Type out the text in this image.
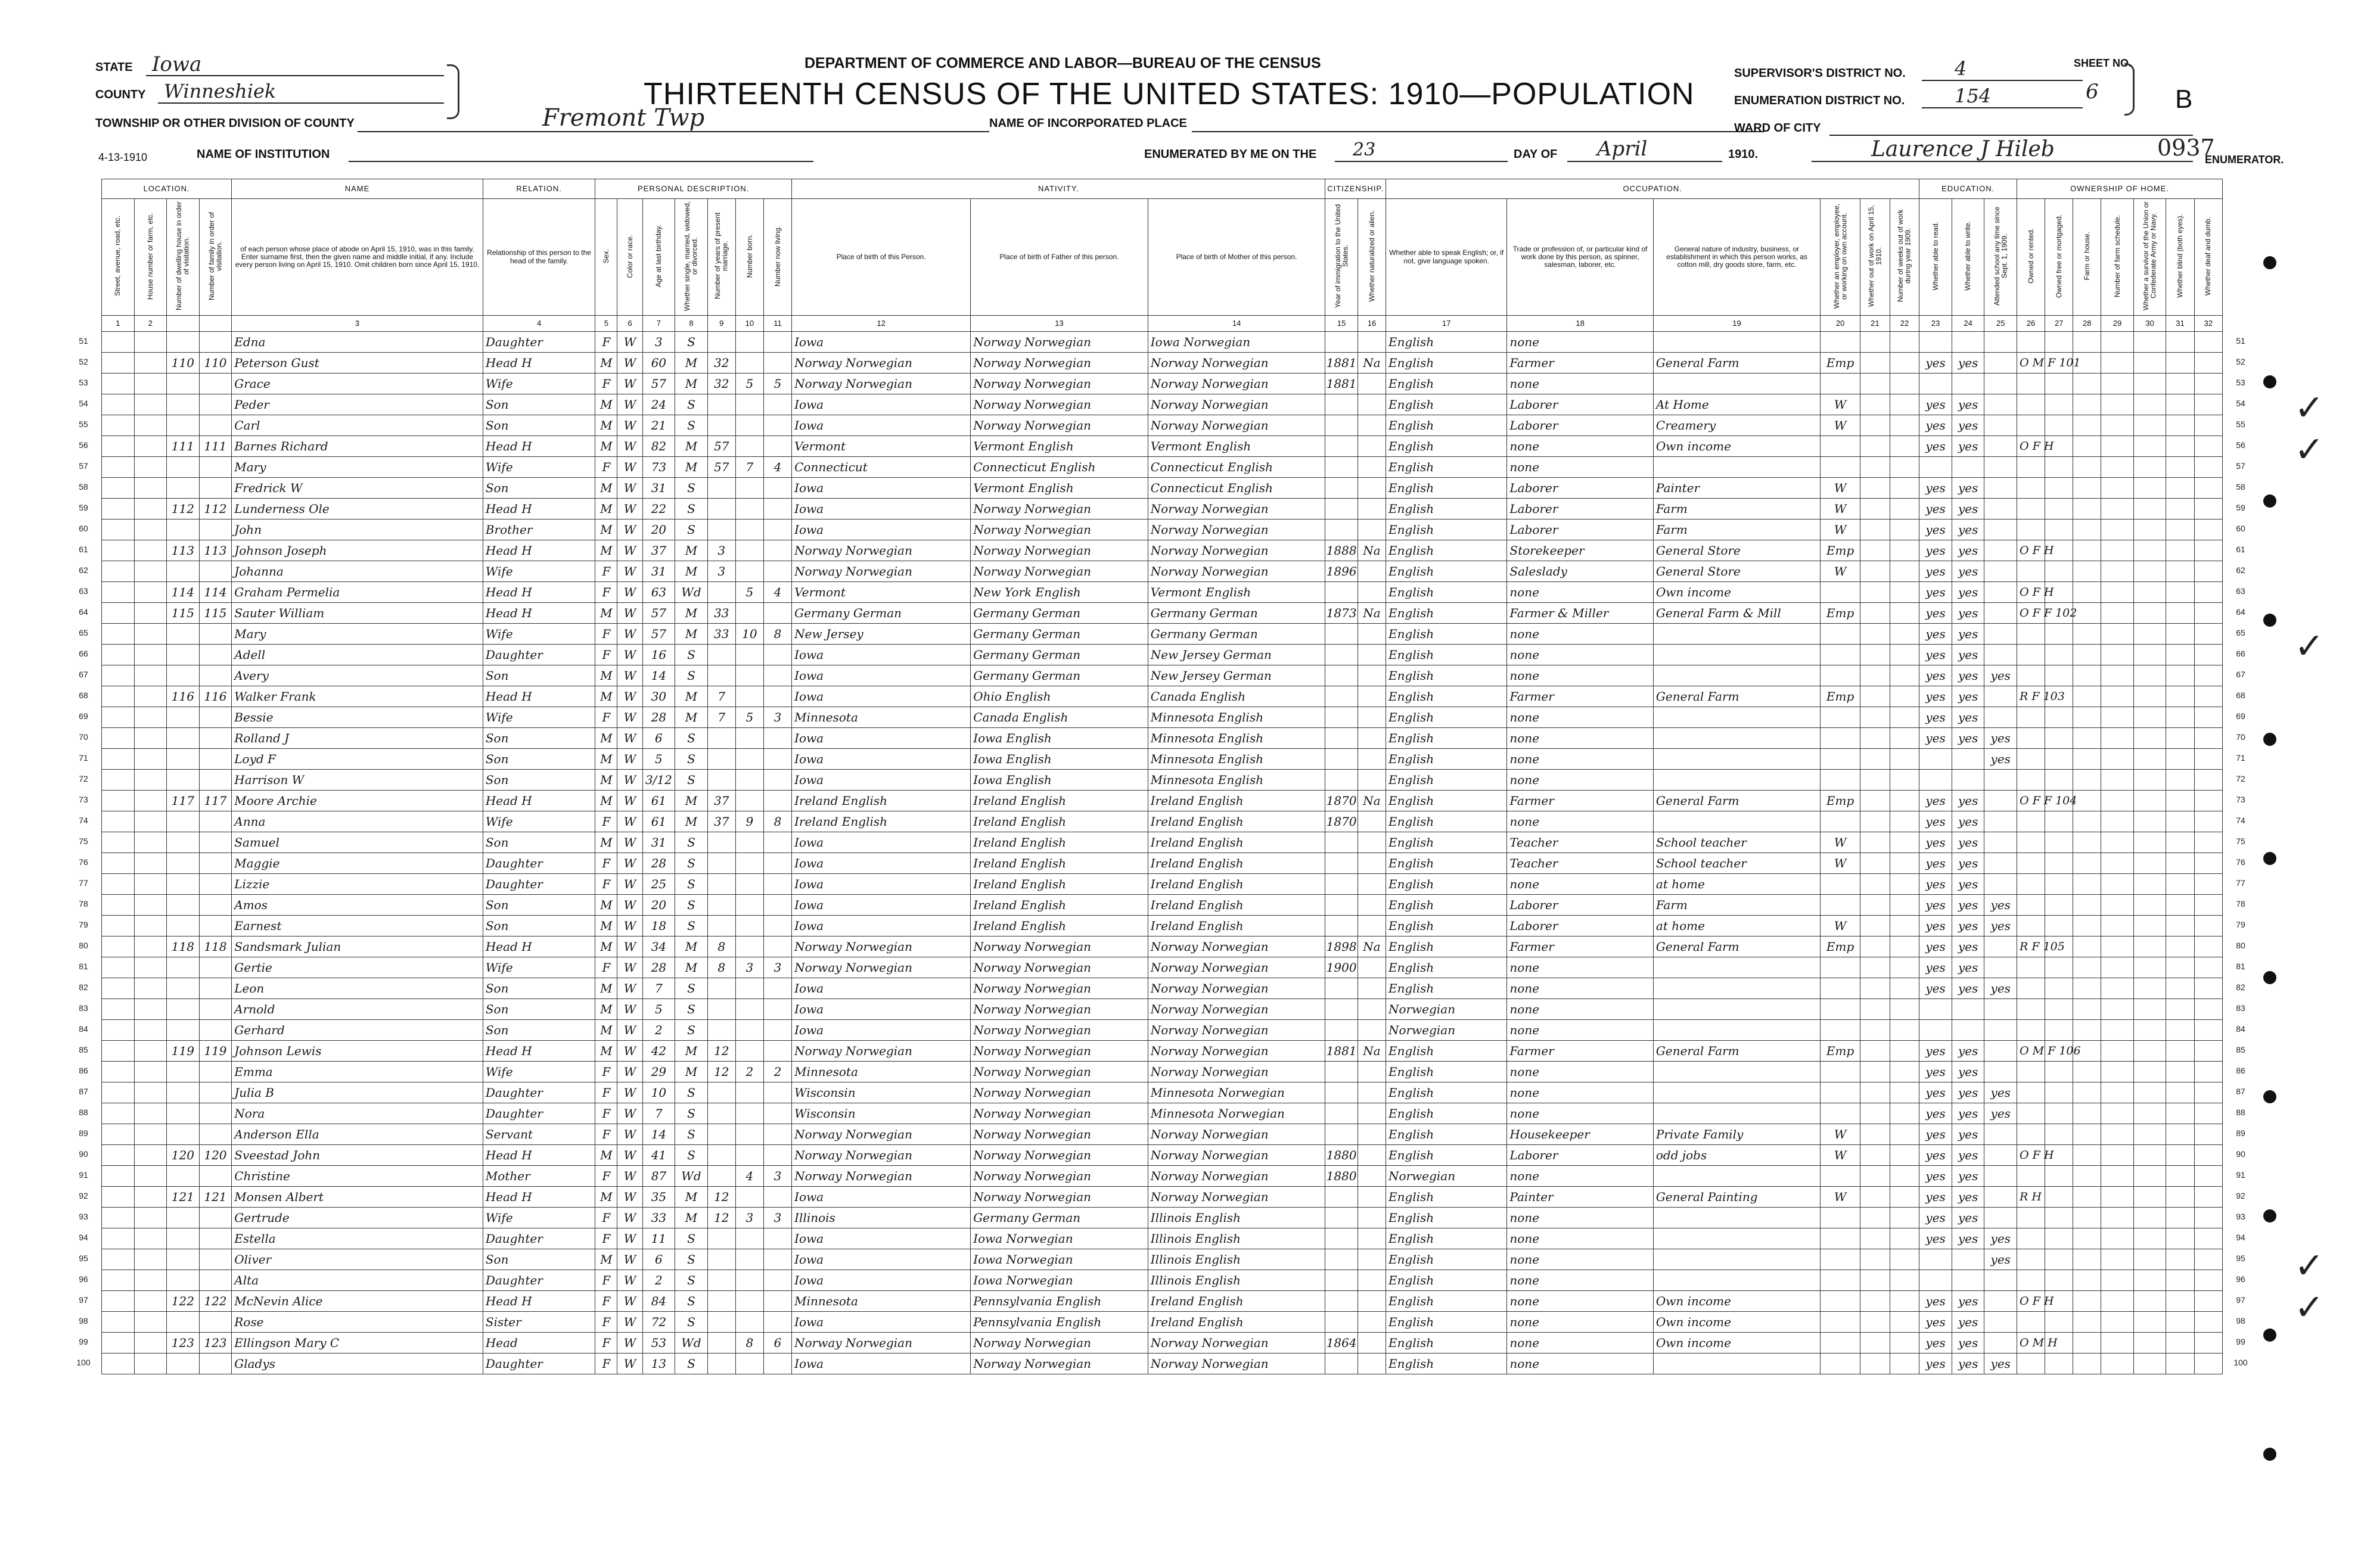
STATE Iowa
COUNTY Winneshiek
TOWNSHIP OR OTHER DIVISION OF COUNTY	Fremont Twp
4-13-1910	NAME OF INSTITUTION
DEPARTMENT OF COMMERCE AND LABOR—BUREAU OF THE CENSUS
THIRTEENTH CENSUS OF THE UNITED STATES: 1910—POPULATION
NAME OF INCORPORATED PLACE
ENUMERATED BY ME ON THE 23	DAY OF April	1910.	Laurence J Hileb	ENUMERATOR.
0937
SUPERVISOR'S DISTRICT NO.	4
ENUMERATION DISTRICT NO.	154
WARD OF CITY
SHEET NO.
6	B
LOCATION.				NAME	RELATION.	PERSONAL DESCRIPTION.							NATIVITY.			CITIZENSHIP.		OCCUPATION.						EDUCATION.			OWNERSHIP OF HOME.						
Street, avenue, road, etc.	House number or farm, etc.	Number of dwelling house in order of visitation.	Number of family in order of visitation.	of each person whose place of abode on April 15, 1910, was in this family. Enter surname first, then the given name and middle initial, if any. Include every person living on April 15, 1910. Omit children born since April 15, 1910.	Relationship of this person to the head of the family.	Sex.	Color or race.	Age at last birthday.	Whether single, married, widowed, or divorced.	Number of years of present marriage.	Number born.	Number now living.	Place of birth of this Person.	Place of birth of Father of this person.	Place of birth of Mother of this person.	Year of immigration to the United States.	Whether naturalized or alien.	Whether able to speak English; or, if not, give language spoken.	Trade or profession of, or particular kind of work done by this person, as spinner, salesman, laborer, etc.	General nature of industry, business, or establishment in which this person works, as cotton mill, dry goods store, farm, etc.	Whether an employer, employee, or working on own account.	Whether out of work on April 15, 1910.	Number of weeks out of work during year 1909.	Whether able to read.	Whether able to write.	Attended school any time since Sept. 1, 1909.	Owned or rented.	Owned free or mortgaged.	Farm or house.	Number of farm schedule.	Whether a survivor of the Union or Confederate Army or Navy.	Whether blind (both eyes).	Whether deaf and dumb.
1	2			3	4	5	6	7	8	9	10	11	12	13	14	15	16	17	18	19	20	21	22	23	24	25	26	27	28	29	30	31	32
				Edna	Daughter	F	W	3	S				Iowa	Norway Norwegian	Iowa Norwegian			English	none														
		110	110	Peterson Gust	Head H	M	W	60	M	32			Norway Norwegian	Norway Norwegian	Norway Norwegian	1881	Na	English	Farmer	General Farm	Emp			yes	yes		O M F 101						
				Grace	Wife	F	W	57	M	32	5	5	Norway Norwegian	Norway Norwegian	Norway Norwegian	1881		English	none														
				Peder	Son	M	W	24	S				Iowa	Norway Norwegian	Norway Norwegian			English	Laborer	At Home	W			yes	yes								
				Carl	Son	M	W	21	S				Iowa	Norway Norwegian	Norway Norwegian			English	Laborer	Creamery	W			yes	yes								
		111	111	Barnes Richard	Head H	M	W	82	M	57			Vermont	Vermont English	Vermont English			English	none	Own income				yes	yes		O F H						
				Mary	Wife	F	W	73	M	57	7	4	Connecticut	Connecticut English	Connecticut English			English	none														
				Fredrick W	Son	M	W	31	S				Iowa	Vermont English	Connecticut English			English	Laborer	Painter	W			yes	yes								
		112	112	Lunderness Ole	Head H	M	W	22	S				Iowa	Norway Norwegian	Norway Norwegian			English	Laborer	Farm	W			yes	yes								
				John	Brother	M	W	20	S				Iowa	Norway Norwegian	Norway Norwegian			English	Laborer	Farm	W			yes	yes								
		113	113	Johnson Joseph	Head H	M	W	37	M	3			Norway Norwegian	Norway Norwegian	Norway Norwegian	1888	Na	English	Storekeeper	General Store	Emp			yes	yes		O F H						
				Johanna	Wife	F	W	31	M	3			Norway Norwegian	Norway Norwegian	Norway Norwegian	1896		English	Saleslady	General Store	W			yes	yes								
		114	114	Graham Permelia	Head H	F	W	63	Wd		5	4	Vermont	New York English	Vermont English			English	none	Own income				yes	yes		O F H						
		115	115	Sauter William	Head H	M	W	57	M	33			Germany German	Germany German	Germany German	1873	Na	English	Farmer & Miller	General Farm & Mill	Emp			yes	yes		O F F 102						
				Mary	Wife	F	W	57	M	33	10	8	New Jersey	Germany German	Germany German			English	none					yes	yes								
				Adell	Daughter	F	W	16	S				Iowa	Germany German	New Jersey German			English	none					yes	yes								
				Avery	Son	M	W	14	S				Iowa	Germany German	New Jersey German			English	none					yes	yes	yes							
		116	116	Walker Frank	Head H	M	W	30	M	7			Iowa	Ohio English	Canada English			English	Farmer	General Farm	Emp			yes	yes		R F 103						
				Bessie	Wife	F	W	28	M	7	5	3	Minnesota	Canada English	Minnesota English			English	none					yes	yes								
				Rolland J	Son	M	W	6	S				Iowa	Iowa English	Minnesota English			English	none					yes	yes	yes							
				Loyd F	Son	M	W	5	S				Iowa	Iowa English	Minnesota English			English	none							yes							
				Harrison W	Son	M	W	3/12	S				Iowa	Iowa English	Minnesota English			English	none														
		117	117	Moore Archie	Head H	M	W	61	M	37			Ireland English	Ireland English	Ireland English	1870	Na	English	Farmer	General Farm	Emp			yes	yes		O F F 104						
				Anna	Wife	F	W	61	M	37	9	8	Ireland English	Ireland English	Ireland English	1870		English	none					yes	yes								
				Samuel	Son	M	W	31	S				Iowa	Ireland English	Ireland English			English	Teacher	School teacher	W			yes	yes								
				Maggie	Daughter	F	W	28	S				Iowa	Ireland English	Ireland English			English	Teacher	School teacher	W			yes	yes								
				Lizzie	Daughter	F	W	25	S				Iowa	Ireland English	Ireland English			English	none	at home				yes	yes								
				Amos	Son	M	W	20	S				Iowa	Ireland English	Ireland English			English	Laborer	Farm				yes	yes	yes							
				Earnest	Son	M	W	18	S				Iowa	Ireland English	Ireland English			English	Laborer	at home	W			yes	yes	yes							
		118	118	Sandsmark Julian	Head H	M	W	34	M	8			Norway Norwegian	Norway Norwegian	Norway Norwegian	1898	Na	English	Farmer	General Farm	Emp			yes	yes		R F 105						
				Gertie	Wife	F	W	28	M	8	3	3	Norway Norwegian	Norway Norwegian	Norway Norwegian	1900		English	none					yes	yes								
				Leon	Son	M	W	7	S				Iowa	Norway Norwegian	Norway Norwegian			English	none					yes	yes	yes							
				Arnold	Son	M	W	5	S				Iowa	Norway Norwegian	Norway Norwegian			Norwegian	none														
				Gerhard	Son	M	W	2	S				Iowa	Norway Norwegian	Norway Norwegian			Norwegian	none														
		119	119	Johnson Lewis	Head H	M	W	42	M	12			Norway Norwegian	Norway Norwegian	Norway Norwegian	1881	Na	English	Farmer	General Farm	Emp			yes	yes		O M F 106						
				Emma	Wife	F	W	29	M	12	2	2	Minnesota	Norway Norwegian	Norway Norwegian			English	none					yes	yes								
				Julia B	Daughter	F	W	10	S				Wisconsin	Norway Norwegian	Minnesota Norwegian			English	none					yes	yes	yes							
				Nora	Daughter	F	W	7	S				Wisconsin	Norway Norwegian	Minnesota Norwegian			English	none					yes	yes	yes							
				Anderson Ella	Servant	F	W	14	S				Norway Norwegian	Norway Norwegian	Norway Norwegian			English	Housekeeper	Private Family	W			yes	yes								
		120	120	Sveestad John	Head H	M	W	41	S				Norway Norwegian	Norway Norwegian	Norway Norwegian	1880		English	Laborer	odd jobs	W			yes	yes		O F H						
				Christine	Mother	F	W	87	Wd		4	3	Norway Norwegian	Norway Norwegian	Norway Norwegian	1880		Norwegian	none					yes	yes								
		121	121	Monsen Albert	Head H	M	W	35	M	12			Iowa	Norway Norwegian	Norway Norwegian			English	Painter	General Painting	W			yes	yes		R H						
				Gertrude	Wife	F	W	33	M	12	3	3	Illinois	Germany German	Illinois English			English	none					yes	yes								
				Estella	Daughter	F	W	11	S				Iowa	Iowa Norwegian	Illinois English			English	none					yes	yes	yes							
				Oliver	Son	M	W	6	S				Iowa	Iowa Norwegian	Illinois English			English	none							yes							
				Alta	Daughter	F	W	2	S				Iowa	Iowa Norwegian	Illinois English			English	none														
		122	122	McNevin Alice	Head H	F	W	84	S				Minnesota	Pennsylvania English	Ireland English			English	none	Own income				yes	yes		O F H						
				Rose	Sister	F	W	72	S				Iowa	Pennsylvania English	Ireland English			English	none	Own income				yes	yes								
		123	123	Ellingson Mary C	Head	F	W	53	Wd		8	6	Norway Norwegian	Norway Norwegian	Norway Norwegian	1864		English	none	Own income				yes	yes		O M H						
				Gladys	Daughter	F	W	13	S				Iowa	Norway Norwegian	Norway Norwegian			English	none					yes	yes	yes							
51	51
52	52
53	53
54	54
55	55
56	56
57	57
58	58
59	59
60	60
61	61
62	62
63	63
64	64
65	65
66	66
67	67
68	68
69	69
70	70
71	71
72	72
73	73
74	74
75	75
76	76
77	77
78	78
79	79
80	80
81	81
82	82
83	83
84	84
85	85
86	86
87	87
88	88
89	89
90	90
91	91
92	92
93	93
94	94
95	95
96	96
97	97
98	98
99	99
100	100
✓
✓
✓
✓
✓
